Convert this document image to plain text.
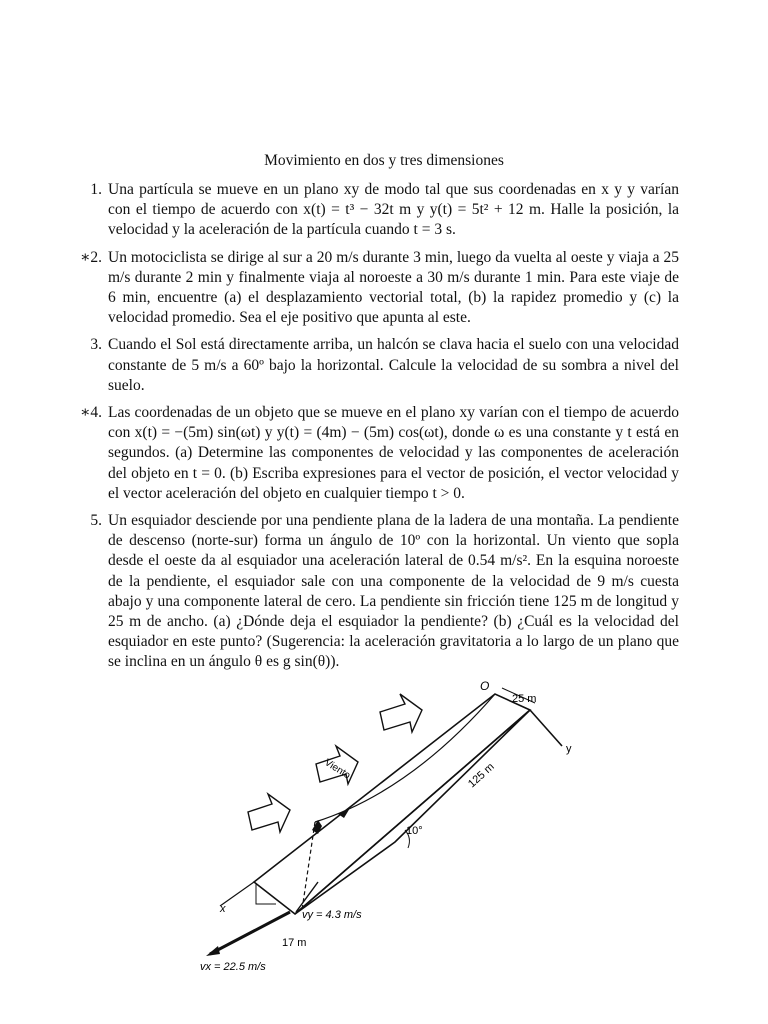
Movimiento en dos y tres dimensiones
1. Una partícula se mueve en un plano xy de modo tal que sus coordenadas en x y y varían con el tiempo de acuerdo con x(t) = t³ − 32t m y y(t) = 5t² + 12 m. Halle la posición, la velocidad y la aceleración de la partícula cuando t = 3 s.
∗2. Un motociclista se dirige al sur a 20 m/s durante 3 min, luego da vuelta al oeste y viaja a 25 m/s durante 2 min y finalmente viaja al noroeste a 30 m/s durante 1 min. Para este viaje de 6 min, encuentre (a) el desplazamiento vectorial total, (b) la rapidez promedio y (c) la velocidad promedio. Sea el eje positivo que apunta al este.
3. Cuando el Sol está directamente arriba, un halcón se clava hacia el suelo con una velocidad constante de 5 m/s a 60º bajo la horizontal. Calcule la velocidad de su sombra a nivel del suelo.
∗4. Las coordenadas de un objeto que se mueve en el plano xy varían con el tiempo de acuerdo con x(t) = −(5m) sin(ωt) y y(t) = (4m) − (5m) cos(ωt), donde ω es una constante y t está en segundos. (a) Determine las componentes de velocidad y las componentes de aceleración del objeto en t = 0. (b) Escriba expresiones para el vector de posición, el vector velocidad y el vector aceleración del objeto en cualquier tiempo t > 0.
5. Un esquiador desciende por una pendiente plana de la ladera de una montaña. La pendiente de descenso (norte-sur) forma un ángulo de 10º con la horizontal. Un viento que sopla desde el oeste da al esquiador una aceleración lateral de 0.54 m/s². En la esquina noroeste de la pendiente, el esquiador sale con una componente de la velocidad de 9 m/s cuesta abajo y una componente lateral de cero. La pendiente sin fricción tiene 125 m de longitud y 25 m de ancho. (a) ¿Dónde deja el esquiador la pendiente? (b) ¿Cuál es la velocidad del esquiador en este punto? (Sugerencia: la aceleración gravitatoria a lo largo de un plano que se inclina en un ángulo θ es g sin(θ)).
O
25 m
y
x
Viento	125 m
10°
vy = 4.3 m/s
17 m
vx = 22.5 m/s
